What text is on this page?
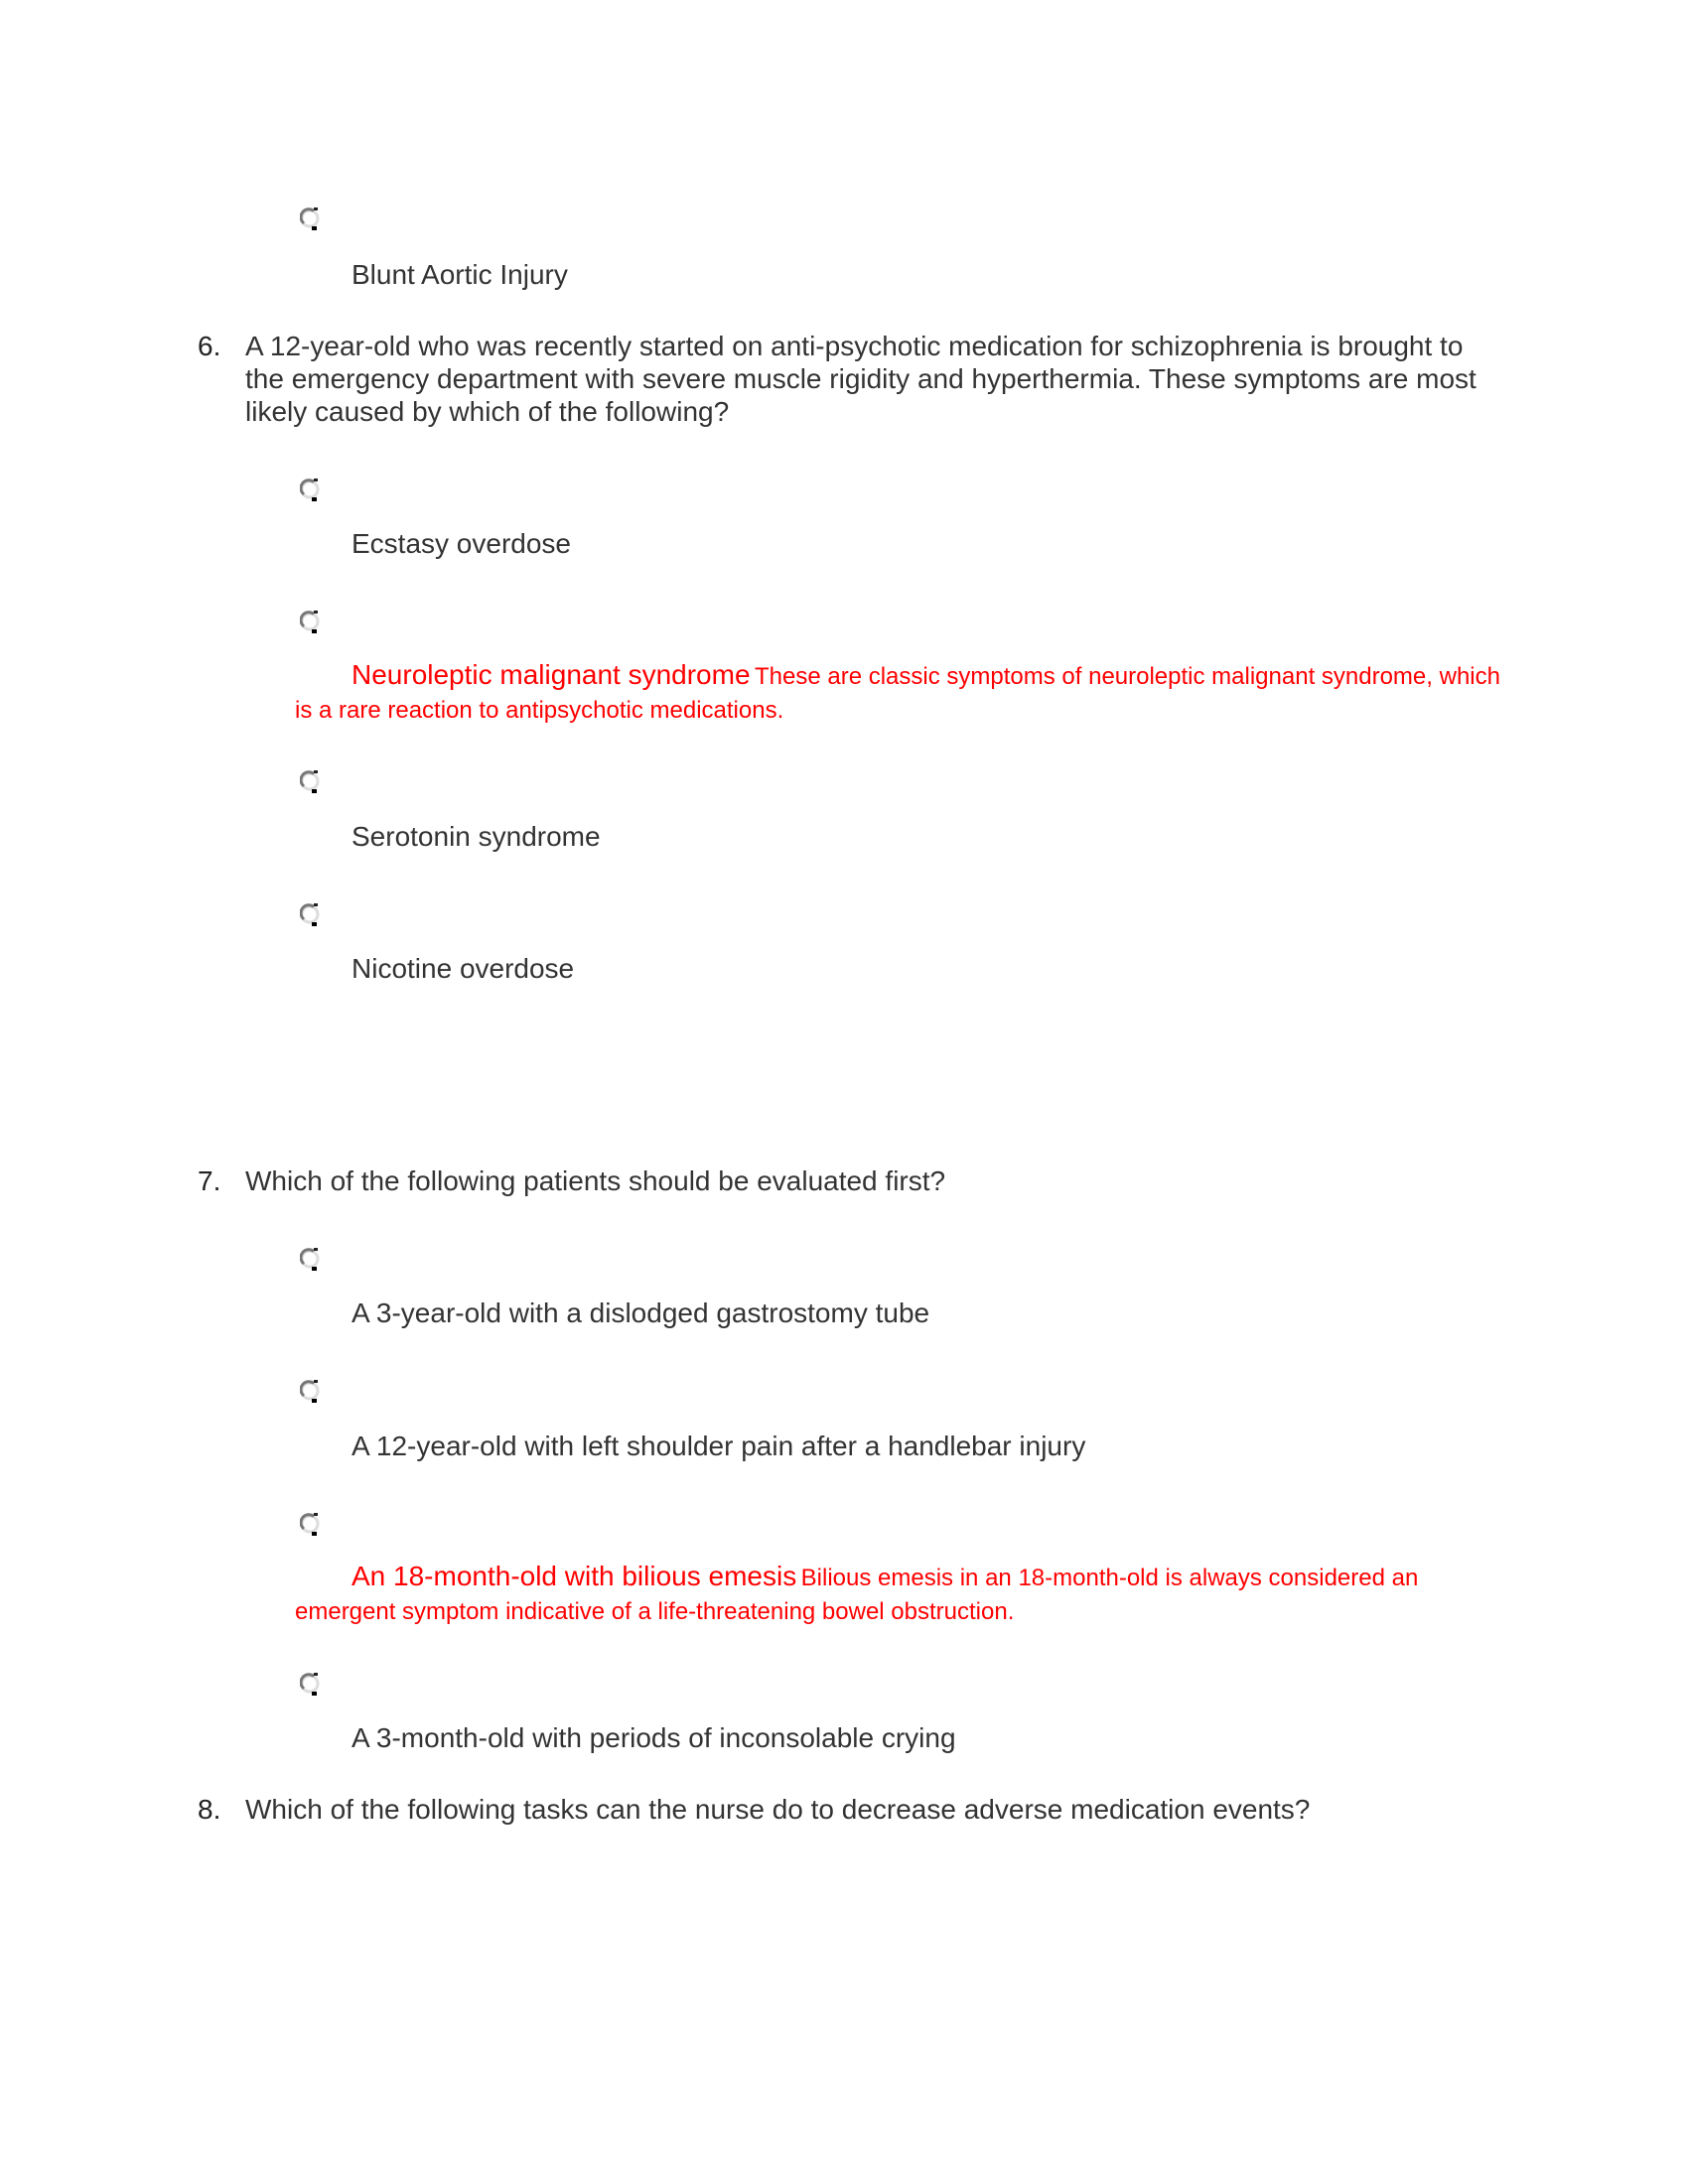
Blunt Aortic Injury
6. A 12-year-old who was recently started on anti-psychotic medication for schizophrenia is brought to the emergency department with severe muscle rigidity and hyperthermia. These symptoms are most likely caused by which of the following?
Ecstasy overdose
Neuroleptic malignant syndrome These are classic symptoms of neuroleptic malignant syndrome, which is a rare reaction to antipsychotic medications.
Serotonin syndrome
Nicotine overdose
7. Which of the following patients should be evaluated first?
A 3-year-old with a dislodged gastrostomy tube
A 12-year-old with left shoulder pain after a handlebar injury
An 18-month-old with bilious emesis Bilious emesis in an 18-month-old is always considered an emergent symptom indicative of a life-threatening bowel obstruction.
A 3-month-old with periods of inconsolable crying
8. Which of the following tasks can the nurse do to decrease adverse medication events?
